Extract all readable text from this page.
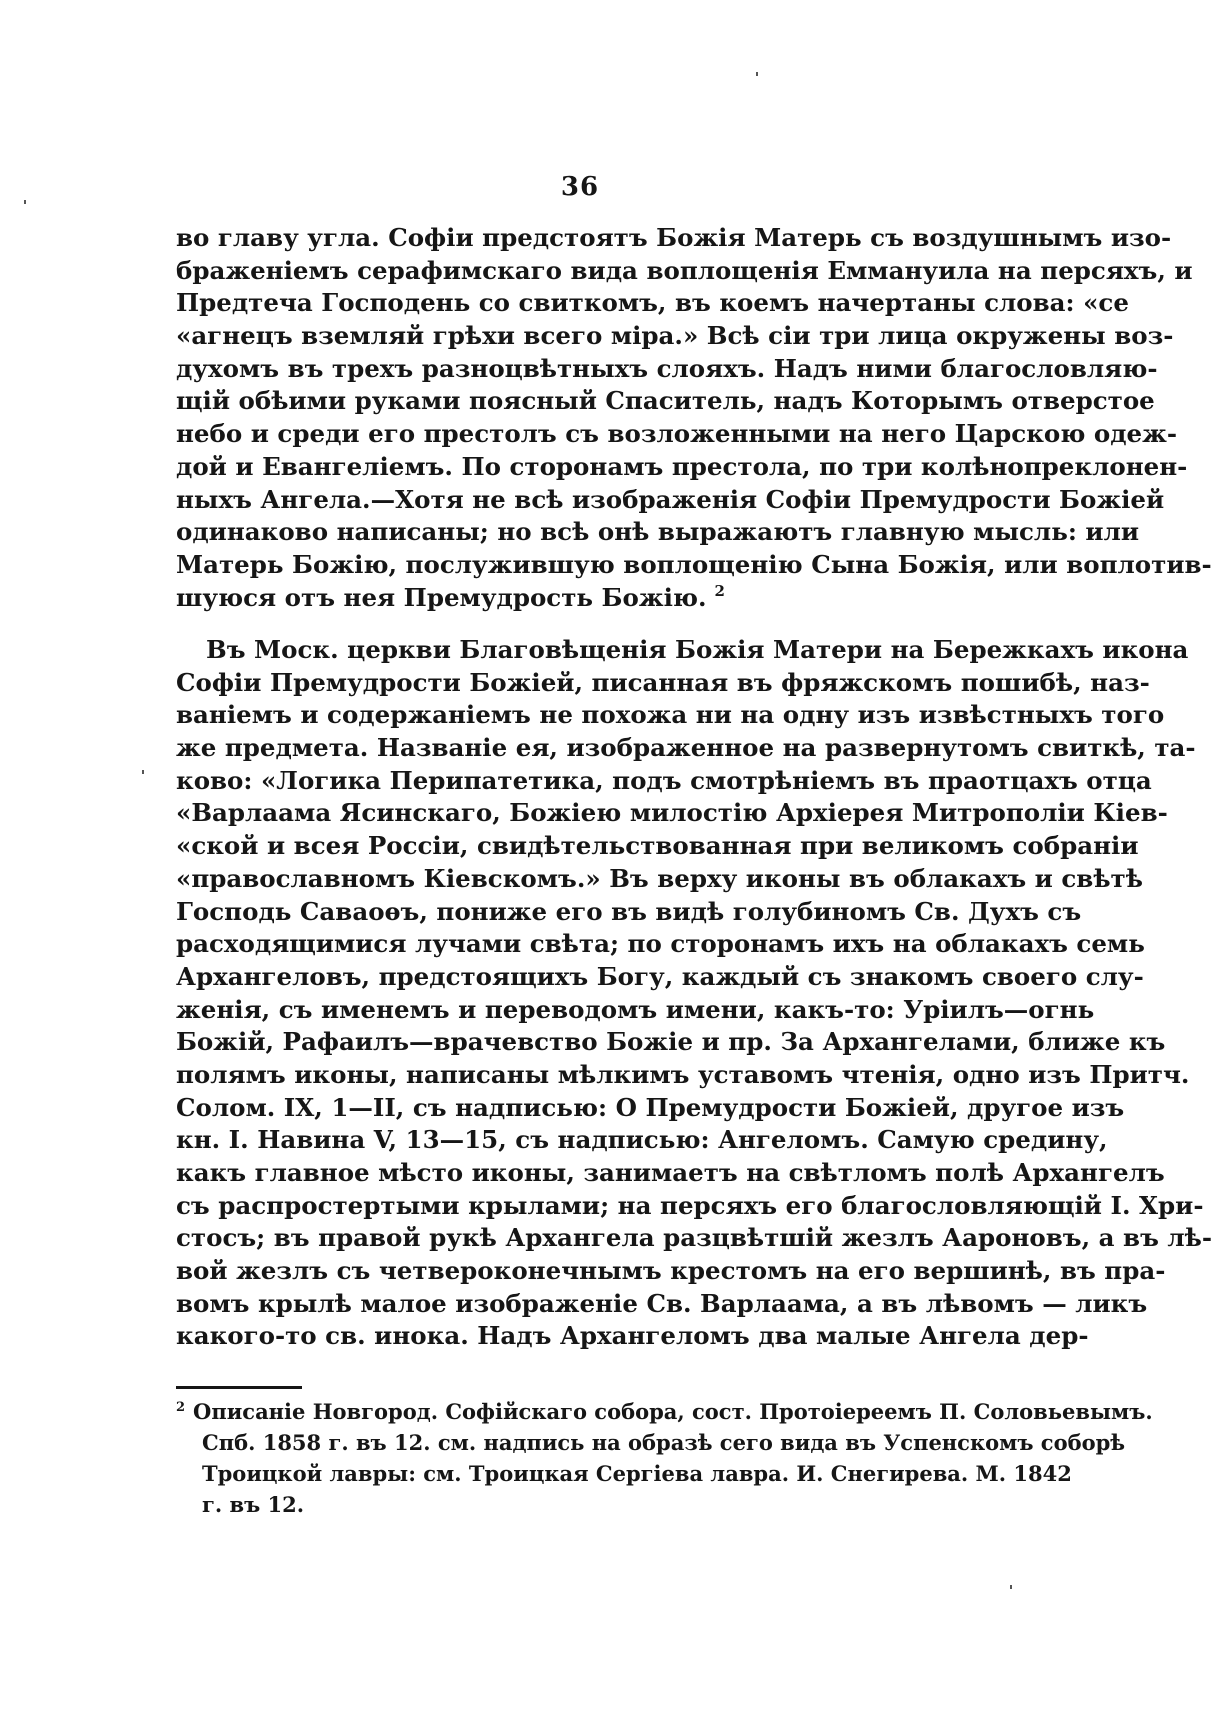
36
во главу угла. Софіи предстоятъ Божія Матерь съ воздушнымъ изо-
браженіемъ серафимскаго вида воплощенія Еммануила на персяхъ, и
Предтеча Господень со свиткомъ, въ коемъ начертаны слова: «се
«агнецъ вземляй грѣхи всего міра.» Всѣ сіи три лица окружены воз-
духомъ въ трехъ разноцвѣтныхъ слояхъ. Надъ ними благословляю-
щій обѣими руками поясный Спаситель, надъ Которымъ отверстое
небо и среди его престолъ съ возложенными на него Царскою одеж-
дой и Евангеліемъ. По сторонамъ престола, по три колѣнопреклонен-
ныхъ Ангела.—Хотя не всѣ изображенія Софіи Премудрости Божіей
одинаково написаны; но всѣ онѣ выражаютъ главную мысль: или
Матерь Божію, послужившую воплощенію Сына Божія, или воплотив-
шуюся отъ нея Премудрость Божію. $^2$
Въ Моск. церкви Благовѣщенія Божія Матери на Бережкахъ икона
Софіи Премудрости Божіей, писанная въ фряжскомъ пошибѣ, наз-
ваніемъ и содержаніемъ не похожа ни на одну изъ извѣстныхъ того
же предмета. Названіе ея, изображенное на развернутомъ свиткѣ, та-
ково: «Логика Перипатетика, подъ смотрѣніемъ въ праотцахъ отца
«Варлаама Ясинскаго, Божіею милостію Архіерея Митрополіи Кіев-
«ской и всея Россіи, свидѣтельствованная при великомъ собраніи
«православномъ Кіевскомъ.» Въ верху иконы въ облакахъ и свѣтѣ
Господь Саваоѳъ, пониже его въ видѣ голубиномъ Св. Духъ съ
расходящимися лучами свѣта; по сторонамъ ихъ на облакахъ семь
Архангеловъ, предстоящихъ Богу, каждый съ знакомъ своего слу-
женія, съ именемъ и переводомъ имени, какъ-то: Урiилъ—огнь
Божій, Рафаилъ—врачевство Божіе и пр. За Архангелами, ближе къ
полямъ иконы, написаны мѣлкимъ уставомъ чтенія, одно изъ Притч.
Солом. IX, 1—II, съ надписью: О Премудрости Божіей, другое изъ
кн. I. Навина V, 13—15, съ надписью: Ангеломъ. Самую средину,
какъ главное мѣсто иконы, занимаетъ на свѣтломъ полѣ Архангелъ
съ распростертыми крылами; на персяхъ его благословляющій I. Хри-
стосъ; въ правой рукѣ Архангела разцвѣтшій жезлъ Аароновъ, а въ лѣ-
вой жезлъ съ четвероконечнымъ крестомъ на его вершинѣ, въ пра-
вомъ крылѣ малое изображеніе Св. Варлаама, а въ лѣвомъ — ликъ
какого-то св. инока. Надъ Архангеломъ два малые Ангела дер-
$^2$ Описаніе Новгород. Софійскаго собора, сост. Протоіереемъ П. Соловьевымъ.
Спб. 1858 г. въ 12. см. надпись на образѣ сего вида въ Успенскомъ соборѣ
Троицкой лавры: см. Троицкая Сергіева лавра. И. Снегирева. М. 1842
г. въ 12.
